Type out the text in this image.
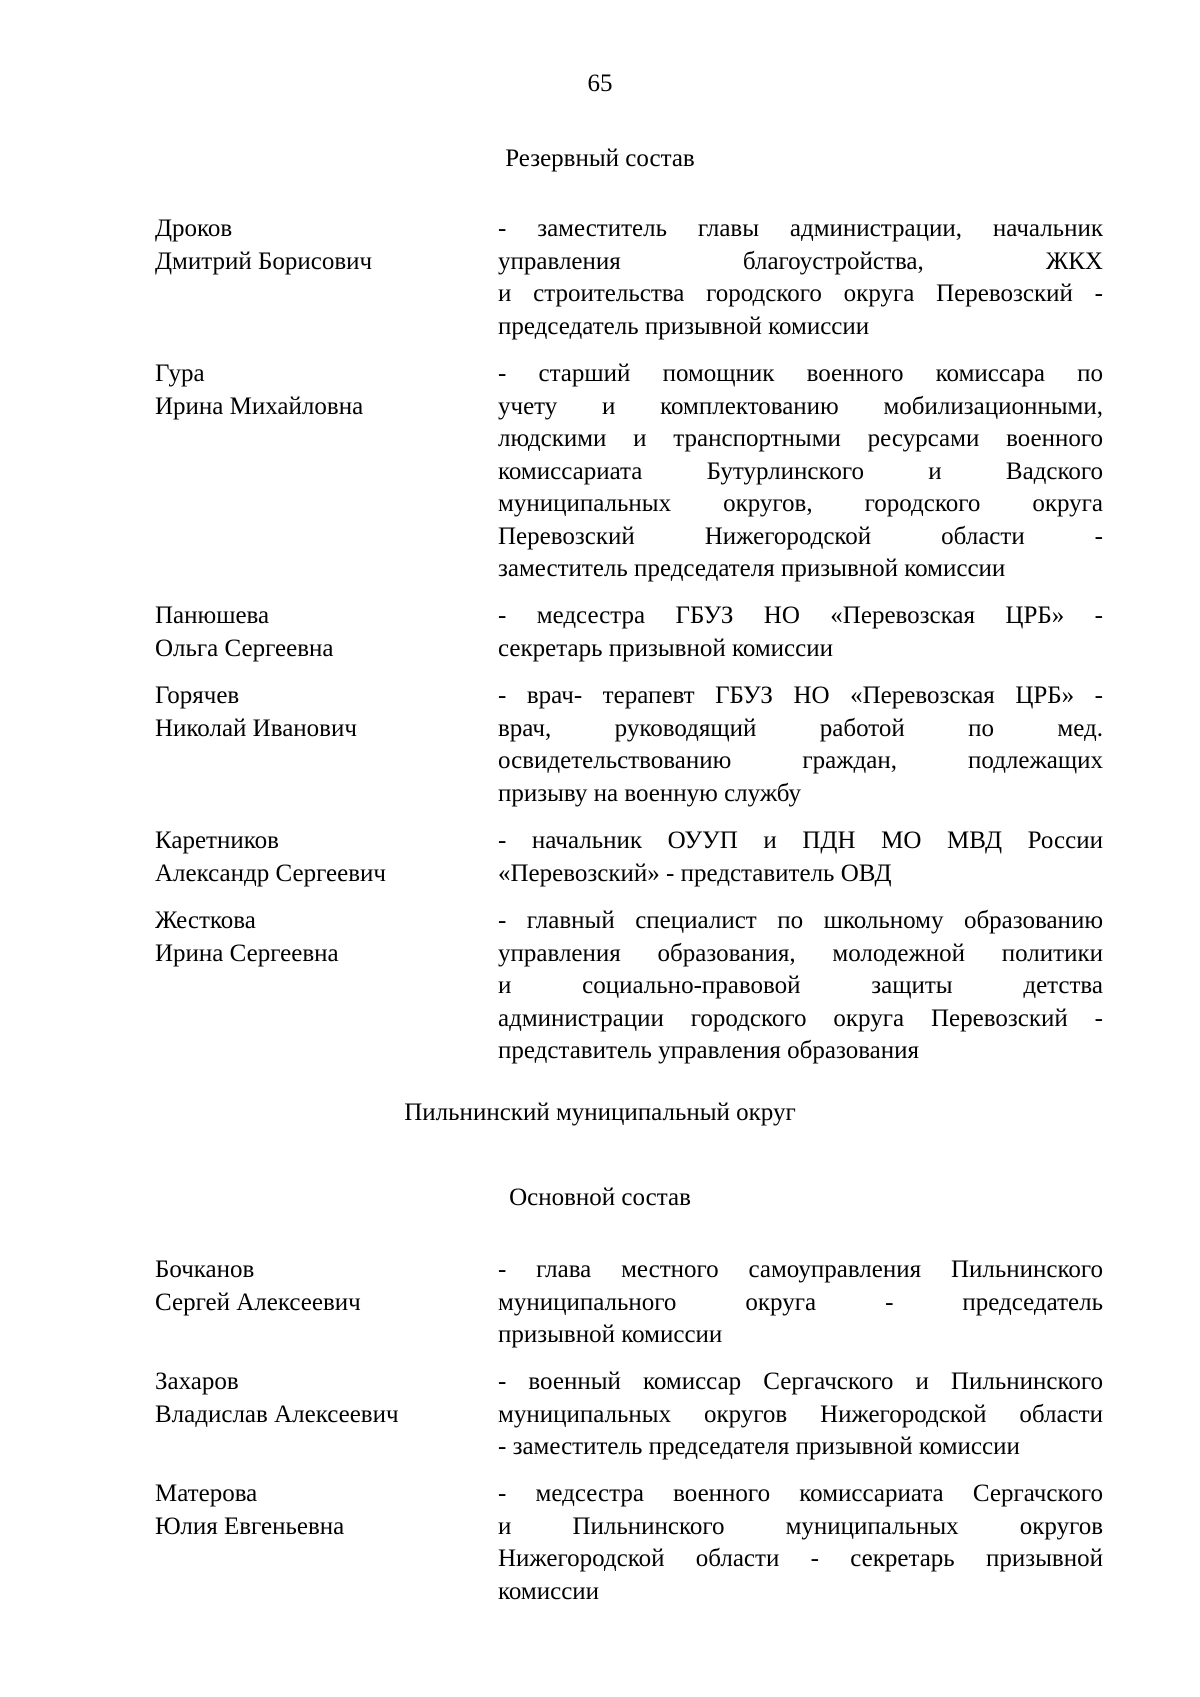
65
Резервный состав
Дроков
Дмитрий Борисович
- заместитель главы администрации, начальник
управления благоустройства, ЖКХ
и строительства городского округа Перевозский -
председатель призывной комиссии
Гура
Ирина Михайловна
- старший помощник военного комиссара по
учету и комплектованию мобилизационными,
людскими и транспортными ресурсами военного
комиссариата Бутурлинского и Вадского
муниципальных округов, городского округа
Перевозский Нижегородской области -
заместитель председателя призывной комиссии
Панюшева
Ольга Сергеевна
- медсестра ГБУЗ НО «Перевозская ЦРБ» -
секретарь призывной комиссии
Горячев
Николай Иванович
- врач- терапевт ГБУЗ НО «Перевозская ЦРБ» -
врач, руководящий работой по мед.
освидетельствованию граждан, подлежащих
призыву на военную службу
Каретников
Александр Сергеевич
- начальник ОУУП и ПДН МО МВД России
«Перевозский» - представитель ОВД
Жесткова
Ирина Сергеевна
- главный специалист по школьному образованию
управления образования, молодежной политики
и социально-правовой защиты детства
администрации городского округа Перевозский -
представитель управления образования
Пильнинский муниципальный округ
Основной состав
Бочканов
Сергей Алексеевич
- глава местного самоуправления Пильнинского
муниципального округа - председатель
призывной комиссии
Захаров
Владислав Алексеевич
- военный комиссар Сергачского и Пильнинского
муниципальных округов Нижегородской области
- заместитель председателя призывной комиссии
Матерова
Юлия Евгеньевна
- медсестра военного комиссариата Сергачского
и Пильнинского муниципальных округов
Нижегородской области - секретарь призывной
комиссии
